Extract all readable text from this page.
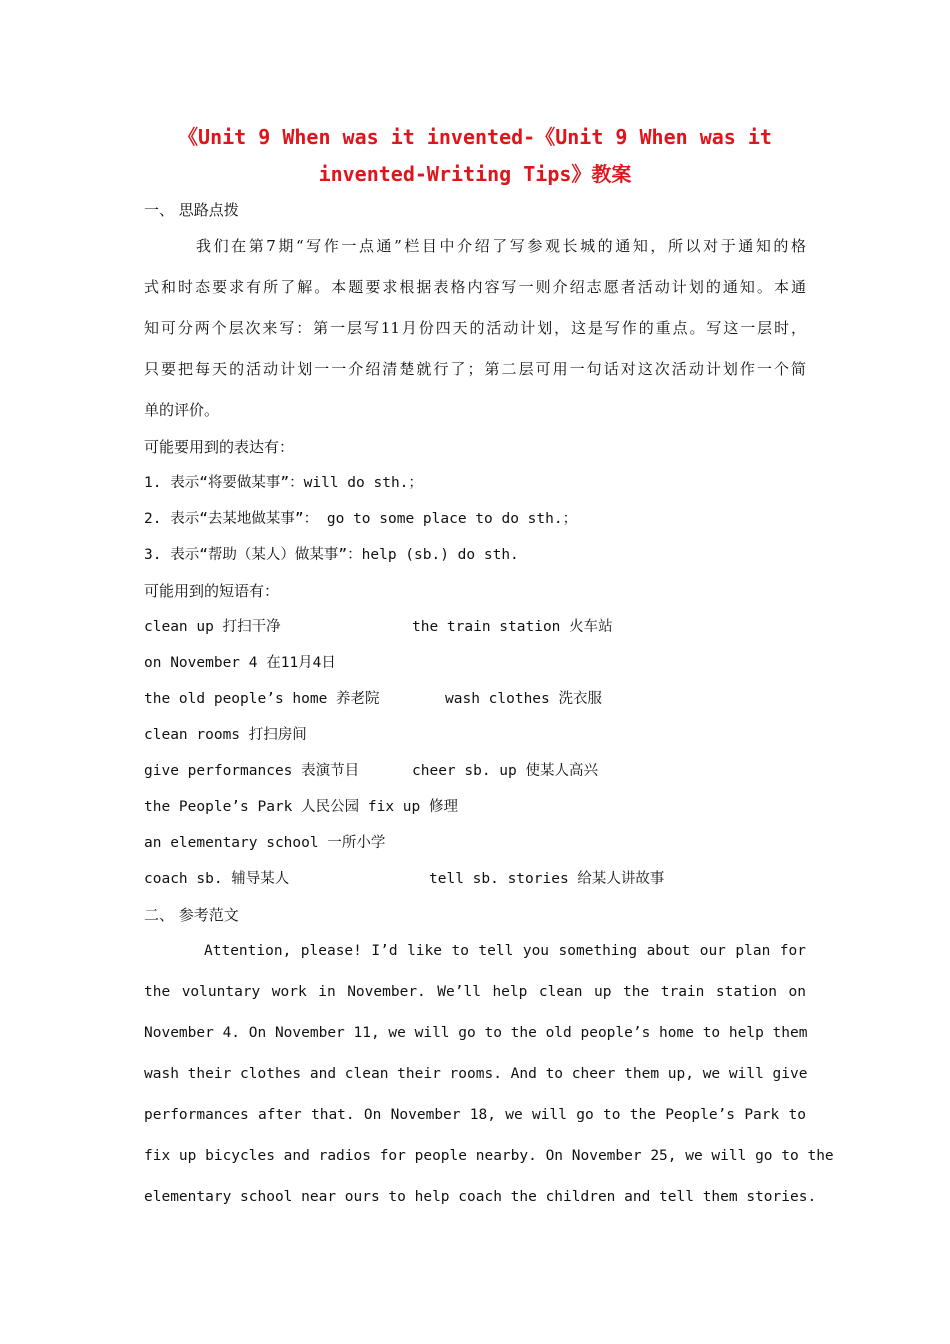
《Unit 9 When was it invented-《Unit 9 When was it
invented-Writing Tips》教案
一、 思路点拨
我们在第7期“写作一点通”栏目中介绍了写参观长城的通知，所以对于通知的格
式和时态要求有所了解。本题要求根据表格内容写一则介绍志愿者活动计划的通知。本通
知可分两个层次来写：第一层写11月份四天的活动计划，这是写作的重点。写这一层时，
只要把每天的活动计划一一介绍清楚就行了；第二层可用一句话对这次活动计划作一个简
单的评价。
可能要用到的表达有：
1. 表示“将要做某事”：will do sth.；
2. 表示“去某地做某事”： go to some place to do sth.；
3. 表示“帮助（某人）做某事”：help (sb.) do sth.
可能用到的短语有：
clean up 打扫干净	the train station 火车站
on November 4 在11月4日
the old people’s home 养老院	wash clothes 洗衣服
clean rooms 打扫房间
give performances 表演节目	cheer sb. up 使某人高兴
the People’s Park 人民公园 fix up 修理
an elementary school 一所小学
coach sb. 辅导某人	tell sb. stories 给某人讲故事
二、 参考范文
Attention, please! I’d like to tell you something about our plan for
the voluntary work in November. We’ll help clean up the train station on
November 4. On November 11, we will go to the old people’s home to help them
wash their clothes and clean their rooms. And to cheer them up, we will give
performances after that. On November 18, we will go to the People’s Park to
fix up bicycles and radios for people nearby. On November 25, we will go to the
elementary school near ours to help coach the children and tell them stories.
